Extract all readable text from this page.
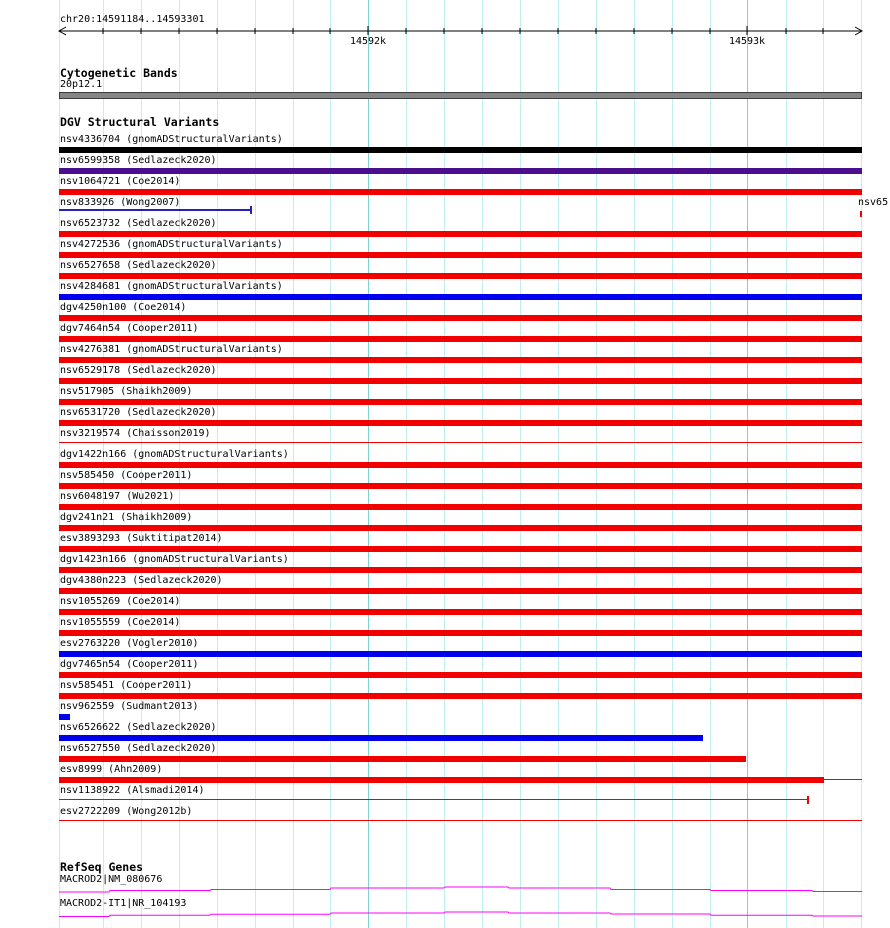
chr20:14591184..14593301
Cytogenetic Bands
20p12.1
DGV Structural Variants
RefSeq Genes
14592k	14593k
nsv4336704 (gnomADStructuralVariants)
nsv6599358 (Sedlazeck2020)
nsv1064721 (Coe2014)
nsv833926 (Wong2007)	nsv65
nsv6523732 (Sedlazeck2020)
nsv4272536 (gnomADStructuralVariants)
nsv6527658 (Sedlazeck2020)
nsv4284681 (gnomADStructuralVariants)
dgv4250n100 (Coe2014)
dgv7464n54 (Cooper2011)
nsv4276381 (gnomADStructuralVariants)
nsv6529178 (Sedlazeck2020)
nsv517905 (Shaikh2009)
nsv6531720 (Sedlazeck2020)
nsv3219574 (Chaisson2019)
dgv1422n166 (gnomADStructuralVariants)
nsv585450 (Cooper2011)
nsv6048197 (Wu2021)
dgv241n21 (Shaikh2009)
esv3893293 (Suktitipat2014)
dgv1423n166 (gnomADStructuralVariants)
dgv4380n223 (Sedlazeck2020)
nsv1055269 (Coe2014)
nsv1055559 (Coe2014)
esv2763220 (Vogler2010)
dgv7465n54 (Cooper2011)
nsv585451 (Cooper2011)
nsv962559 (Sudmant2013)
nsv6526622 (Sedlazeck2020)
nsv6527550 (Sedlazeck2020)
esv8999 (Ahn2009)
nsv1138922 (Alsmadi2014)
esv2722209 (Wong2012b)
MACROD2|NM_080676
MACROD2-IT1|NR_104193
